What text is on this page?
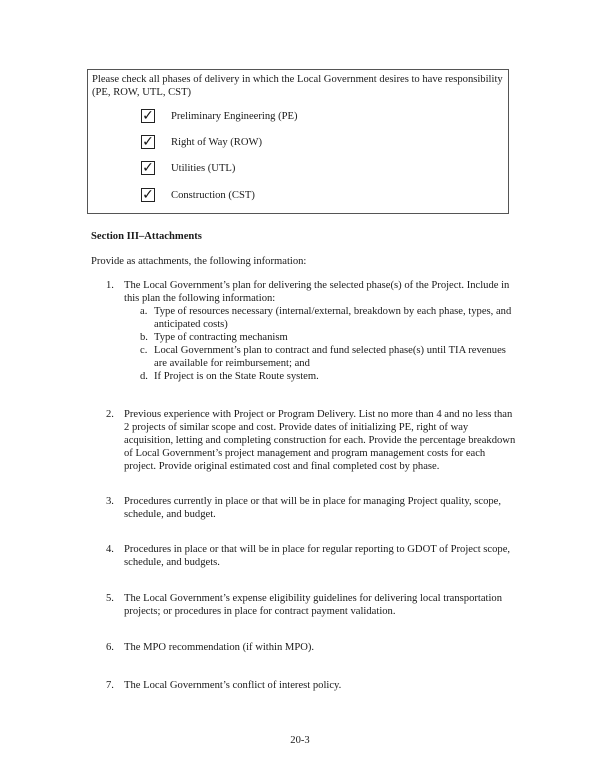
Please check all phases of delivery in which the Local Government desires to have responsibility (PE, ROW, UTL, CST)
✓ Preliminary Engineering (PE)
✓ Right of Way (ROW)
✓ Utilities (UTL)
✓ Construction (CST)
Section III–Attachments
Provide as attachments, the following information:
1. The Local Government’s plan for delivering the selected phase(s) of the Project. Include in this plan the following information:
a. Type of resources necessary (internal/external, breakdown by each phase, types, and anticipated costs)
b. Type of contracting mechanism
c. Local Government’s plan to contract and fund selected phase(s) until TIA revenues are available for reimbursement; and
d. If Project is on the State Route system.
2. Previous experience with Project or Program Delivery. List no more than 4 and no less than 2 projects of similar scope and cost. Provide dates of initializing PE, right of way acquisition, letting and completing construction for each. Provide the percentage breakdown of Local Government’s project management and program management costs for each project. Provide original estimated cost and final completed cost by phase.
3. Procedures currently in place or that will be in place for managing Project quality, scope, schedule, and budget.
4. Procedures in place or that will be in place for regular reporting to GDOT of Project scope, schedule, and budgets.
5. The Local Government’s expense eligibility guidelines for delivering local transportation projects; or procedures in place for contract payment validation.
6. The MPO recommendation (if within MPO).
7. The Local Government’s conflict of interest policy.
20-3
